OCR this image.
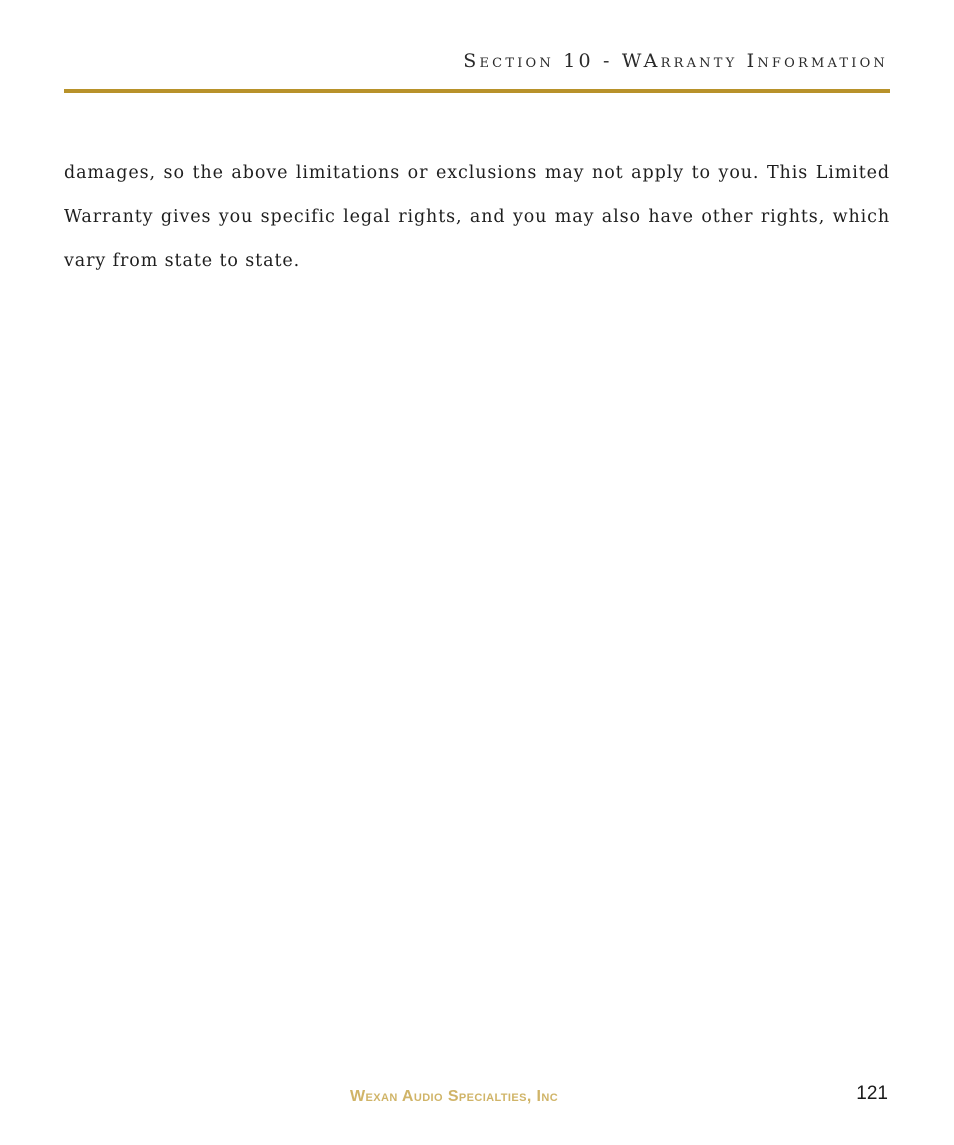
Section 10 - WArranty Information

damages, so the above limitations or exclusions may not apply to you. This Limited Warranty gives you specific legal rights, and you may also have other rights, which vary from state to state.

Wexan Audio Specialties, Inc	121
